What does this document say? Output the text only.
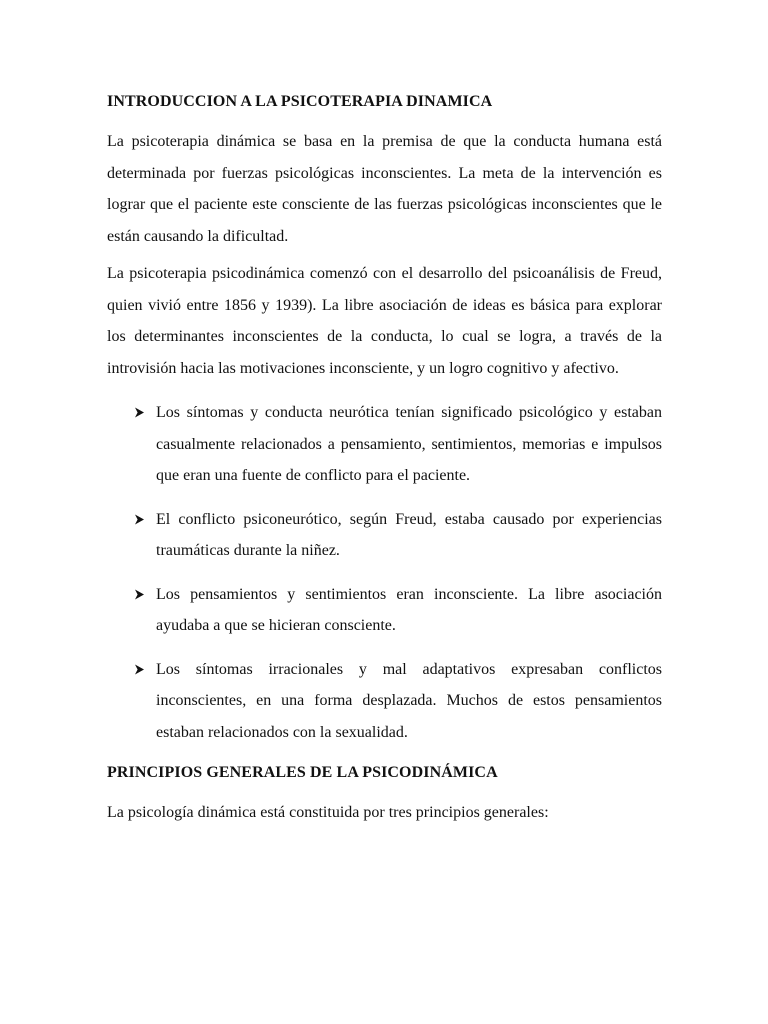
INTRODUCCION A LA PSICOTERAPIA DINAMICA

La psicoterapia dinámica se basa en la premisa de que la conducta humana está determinada por fuerzas psicológicas inconscientes. La meta de la intervención es lograr que el paciente este consciente de las fuerzas psicológicas inconscientes que le están causando la dificultad.

La psicoterapia psicodinámica comenzó con el desarrollo del psicoanálisis de Freud, quien vivió entre 1856 y 1939). La libre asociación de ideas es básica para explorar los determinantes inconscientes de la conducta, lo cual se logra, a través de la introvisión hacia las motivaciones inconsciente, y un logro cognitivo y afectivo.

Los síntomas y conducta neurótica tenían significado psicológico y estaban casualmente relacionados a pensamiento, sentimientos, memorias e impulsos que eran una fuente de conflicto para el paciente.
El conflicto psiconeurótico, según Freud, estaba causado por experiencias traumáticas durante la niñez.
Los pensamientos y sentimientos eran inconsciente. La libre asociación ayudaba a que se hicieran consciente.
Los síntomas irracionales y mal adaptativos expresaban conflictos inconscientes, en una forma desplazada. Muchos de estos pensamientos estaban relacionados con la sexualidad.
PRINCIPIOS GENERALES DE LA PSICODINÁMICA

La psicología dinámica está constituida por tres principios generales:
